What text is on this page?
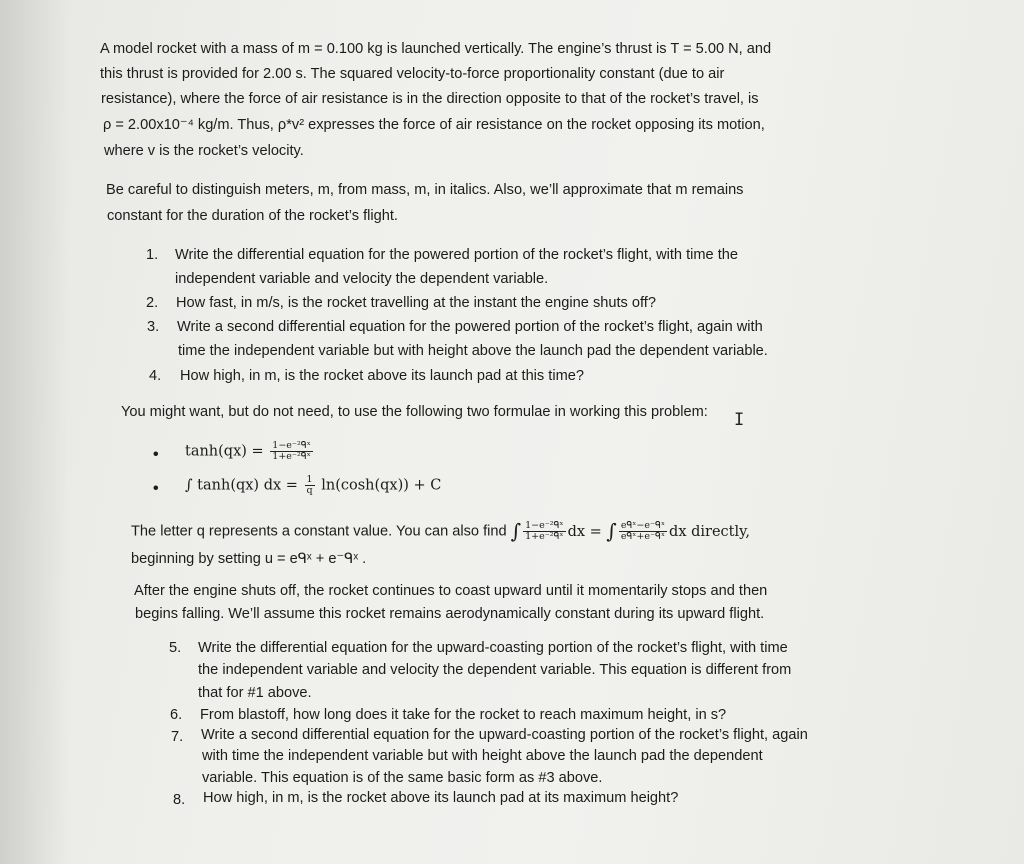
A model rocket with a mass of m = 0.100 kg is launched vertically. The engine’s thrust is T = 5.00 N, and
this thrust is provided for 2.00 s. The squared velocity-to-force proportionality constant (due to air
resistance), where the force of air resistance is in the direction opposite to that of the rocket’s travel, is
ρ = 2.00x10⁻⁴ kg/m. Thus, ρ*v² expresses the force of air resistance on the rocket opposing its motion,
where v is the rocket’s velocity.
Be careful to distinguish meters, m, from mass, m, in italics. Also, we’ll approximate that m remains
constant for the duration of the rocket’s flight.
1. Write the differential equation for the powered portion of the rocket’s flight, with time the
independent variable and velocity the dependent variable.
2. How fast, in m/s, is the rocket travelling at the instant the engine shuts off?
3. Write a second differential equation for the powered portion of the rocket’s flight, again with
time the independent variable but with height above the launch pad the dependent variable.
4. How high, in m, is the rocket above its launch pad at this time?
You might want, but do not need, to use the following two formulae in working this problem: I
• $\tanh(qx) = \frac{\text{1−e⁻²ᑫˣ}}{\text{1+e⁻²ᑫˣ}}$
• ∫ tanh(qx) dx = $\frac{1}{q} \ln(\cosh(qx)) + C$
The letter q represents a constant value. You can also find ∫ $\frac{\text{1−e⁻²ᑫˣ}}{\text{1+e⁻²ᑫˣ}}$ dx = ∫ $\frac{\text{eᑫˣ−e⁻ᑫˣ}}{\text{eᑫˣ+e⁻ᑫˣ}}$ dx directly,
beginning by setting u = eᑫˣ + e⁻ᑫˣ .
After the engine shuts off, the rocket continues to coast upward until it momentarily stops and then
begins falling. We’ll assume this rocket remains aerodynamically constant during its upward flight.
5. Write the differential equation for the upward-coasting portion of the rocket’s flight, with time
the independent variable and velocity the dependent variable. This equation is different from
that for #1 above.
6. From blastoff, how long does it take for the rocket to reach maximum height, in s?
7. Write a second differential equation for the upward-coasting portion of the rocket’s flight, again
with time the independent variable but with height above the launch pad the dependent
variable. This equation is of the same basic form as #3 above.
8. How high, in m, is the rocket above its launch pad at its maximum height?
